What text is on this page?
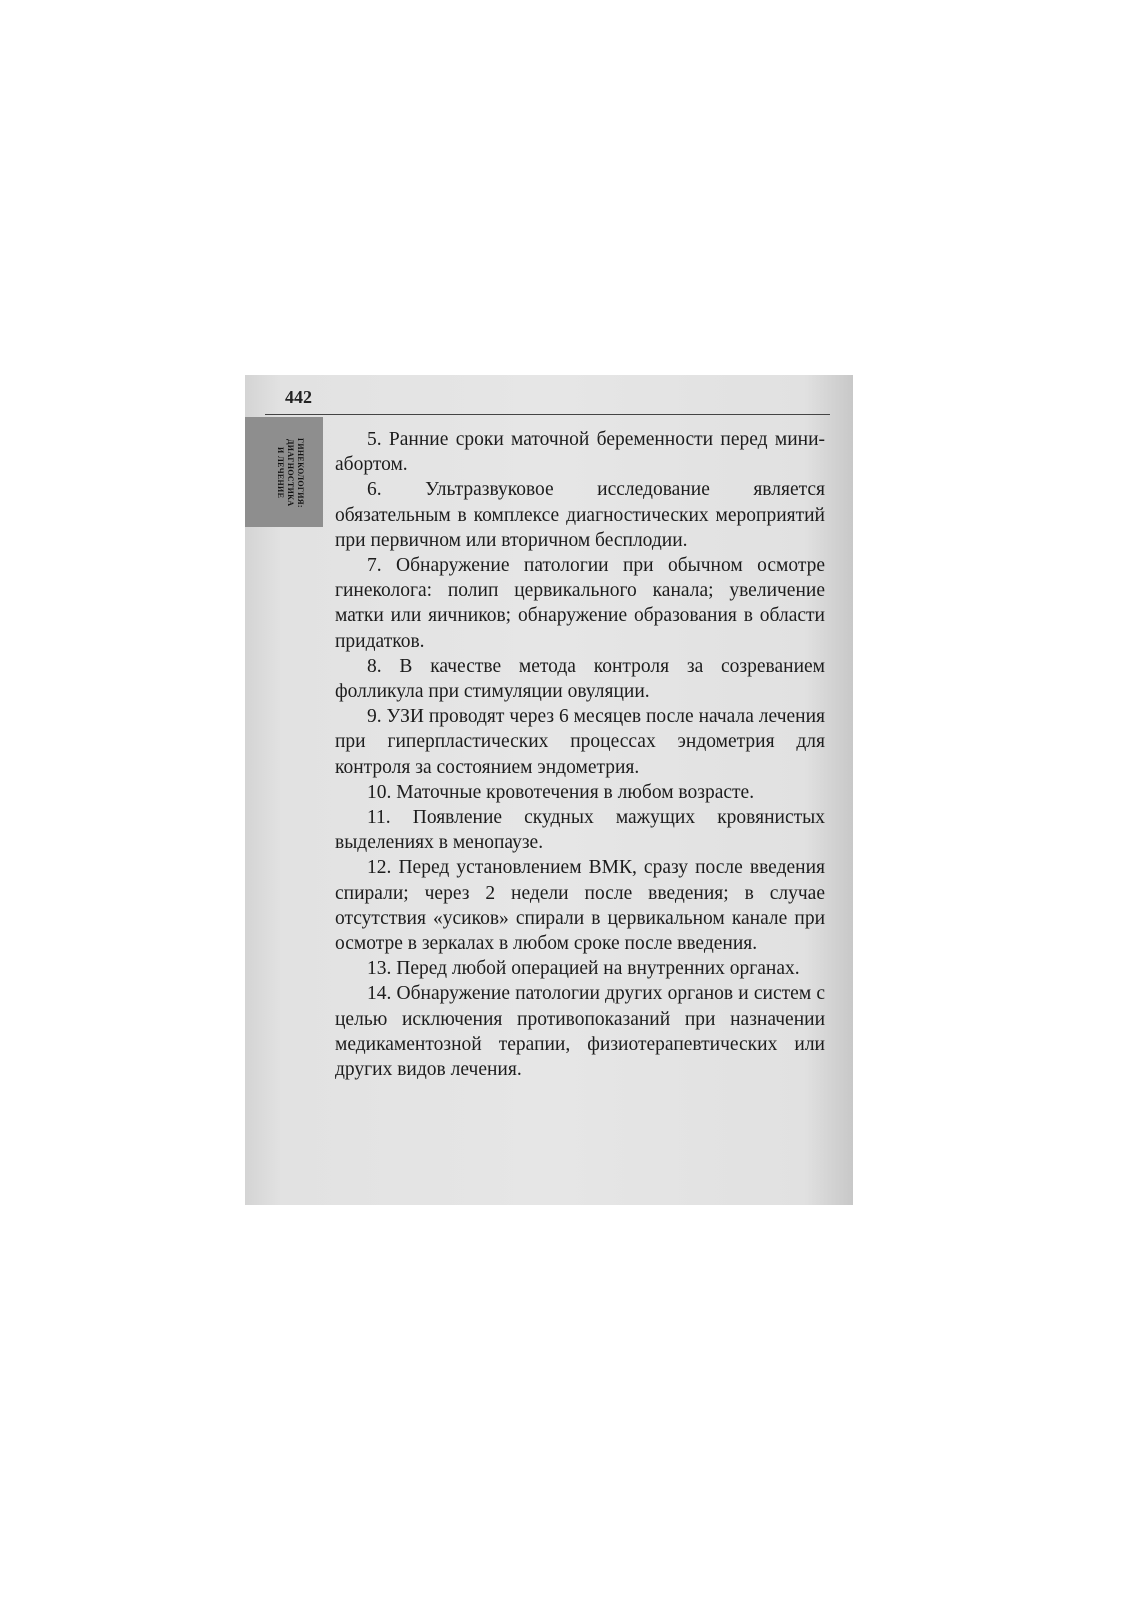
442
ГИНЕКОЛОГИЯ:
ДИАГНОСТИКА
И ЛЕЧЕНИЕ

5. Ранние сроки маточной беременности перед мини-абортом.

6. Ультразвуковое исследование является обязательным в комплексе диагностических мероприятий при первичном или вторичном бесплодии.

7. Обнаружение патологии при обычном осмотре гинеколога: полип цервикального канала; увеличение матки или яичников; обнаружение образования в области придатков.

8. В качестве метода контроля за созреванием фолликула при стимуляции овуляции.

9. УЗИ проводят через 6 месяцев после начала лечения при гиперпластических процессах эндометрия для контроля за состоянием эндометрия.

10. Маточные кровотечения в любом возрасте.

11. Появление скудных мажущих кровянистых выделениях в менопаузе.

12. Перед установлением ВМК, сразу после введения спирали; через 2 недели после введения; в случае отсутствия «усиков» спирали в цервикальном канале при осмотре в зеркалах в любом сроке после введения.

13. Перед любой операцией на внутренних органах.

14. Обнаружение патологии других органов и систем с целью исключения противопоказаний при назначении медикаментозной терапии, физиотерапевтических или других видов лечения.
